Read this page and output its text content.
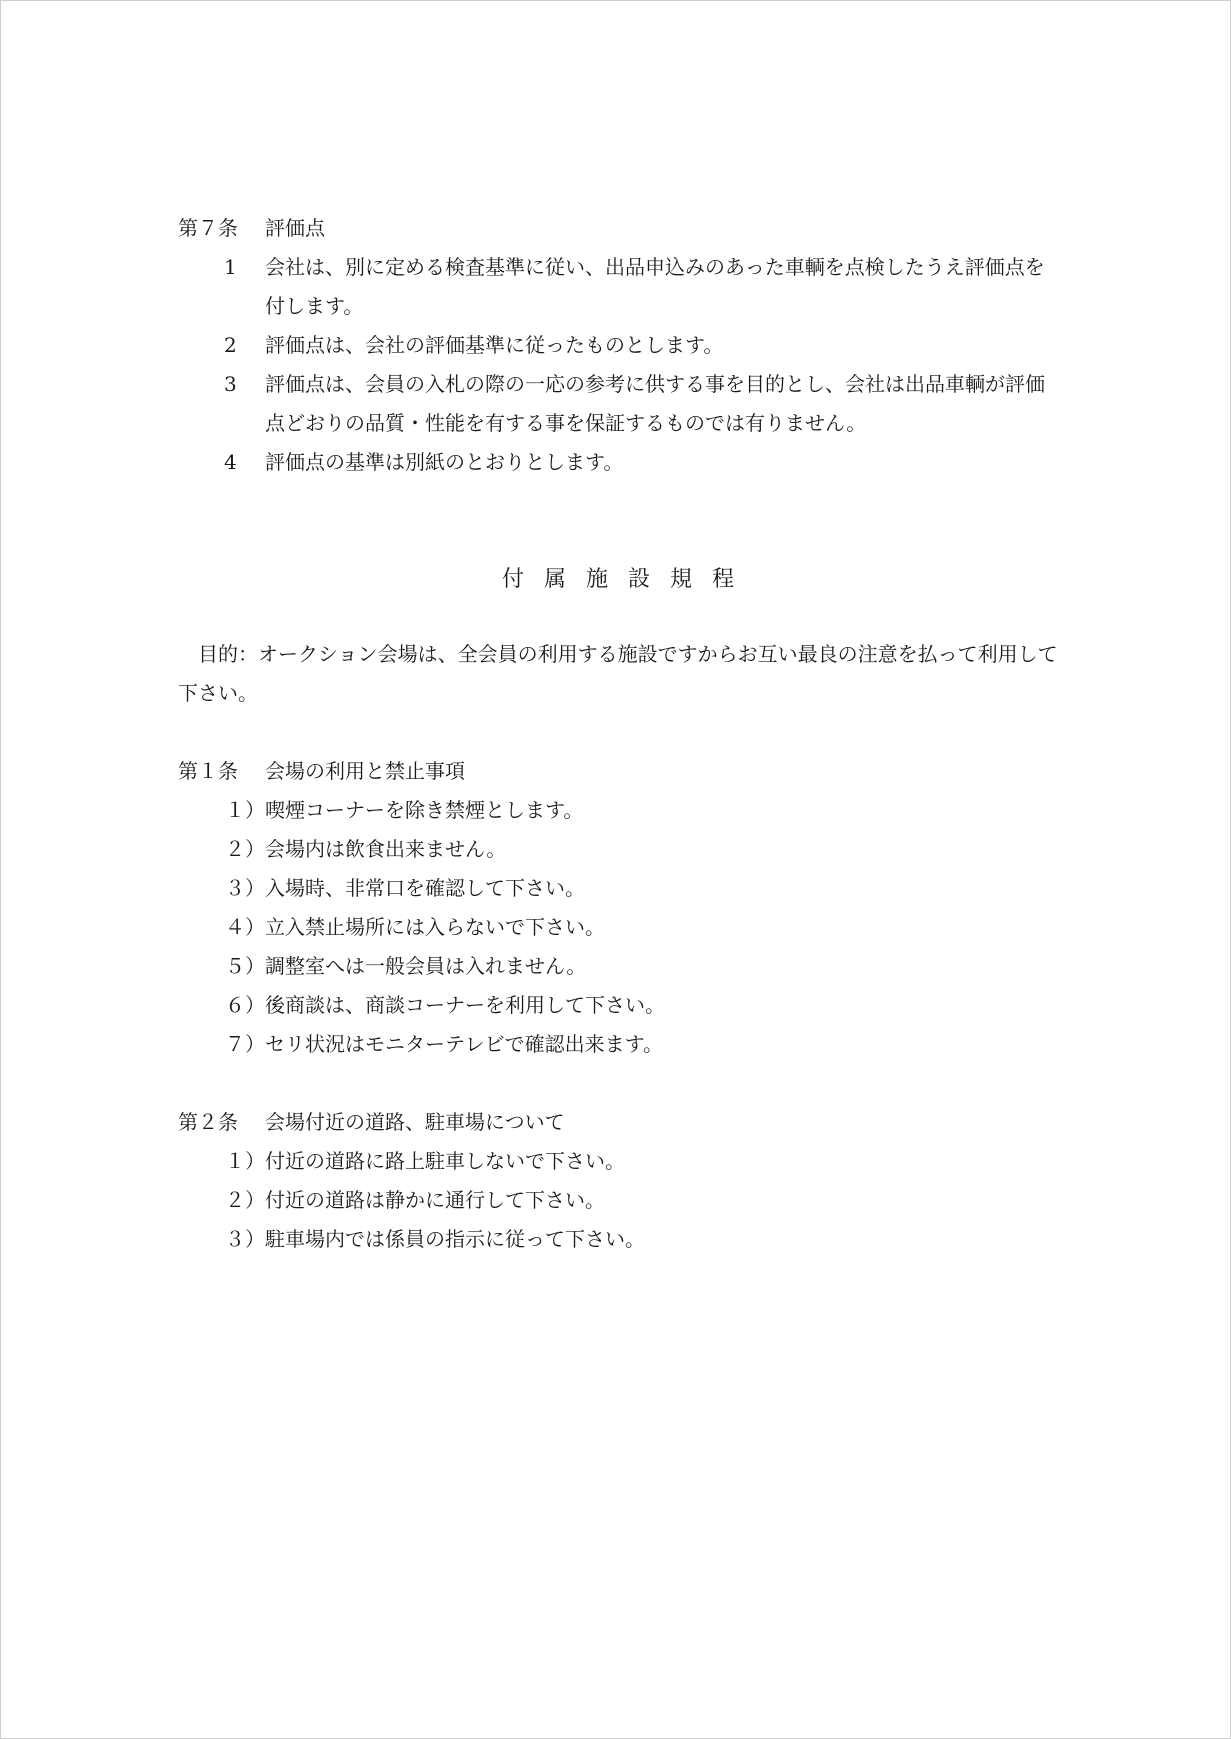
第７条	評価点
1	会社は、別に定める検査基準に従い、出品申込みのあった車輌を点検したうえ評価点を付します。
2	評価点は、会社の評価基準に従ったものとします。
3	評価点は、会員の入札の際の一応の参考に供する事を目的とし、会社は出品車輌が評価点どおりの品質・性能を有する事を保証するものでは有りません。
4	評価点の基準は別紙のとおりとします。
付属施設規程
目的：オークション会場は、全会員の利用する施設ですからお互い最良の注意を払って利用して下さい。
第１条	会場の利用と禁止事項
１） 喫煙コーナーを除き禁煙とします。
２） 会場内は飲食出来ません。
３） 入場時、非常口を確認して下さい。
４） 立入禁止場所には入らないで下さい。
５） 調整室へは一般会員は入れません。
６） 後商談は、商談コーナーを利用して下さい。
７） セリ状況はモニターテレビで確認出来ます。
第２条	会場付近の道路、駐車場について
１） 付近の道路に路上駐車しないで下さい。
２） 付近の道路は静かに通行して下さい。
３） 駐車場内では係員の指示に従って下さい。
